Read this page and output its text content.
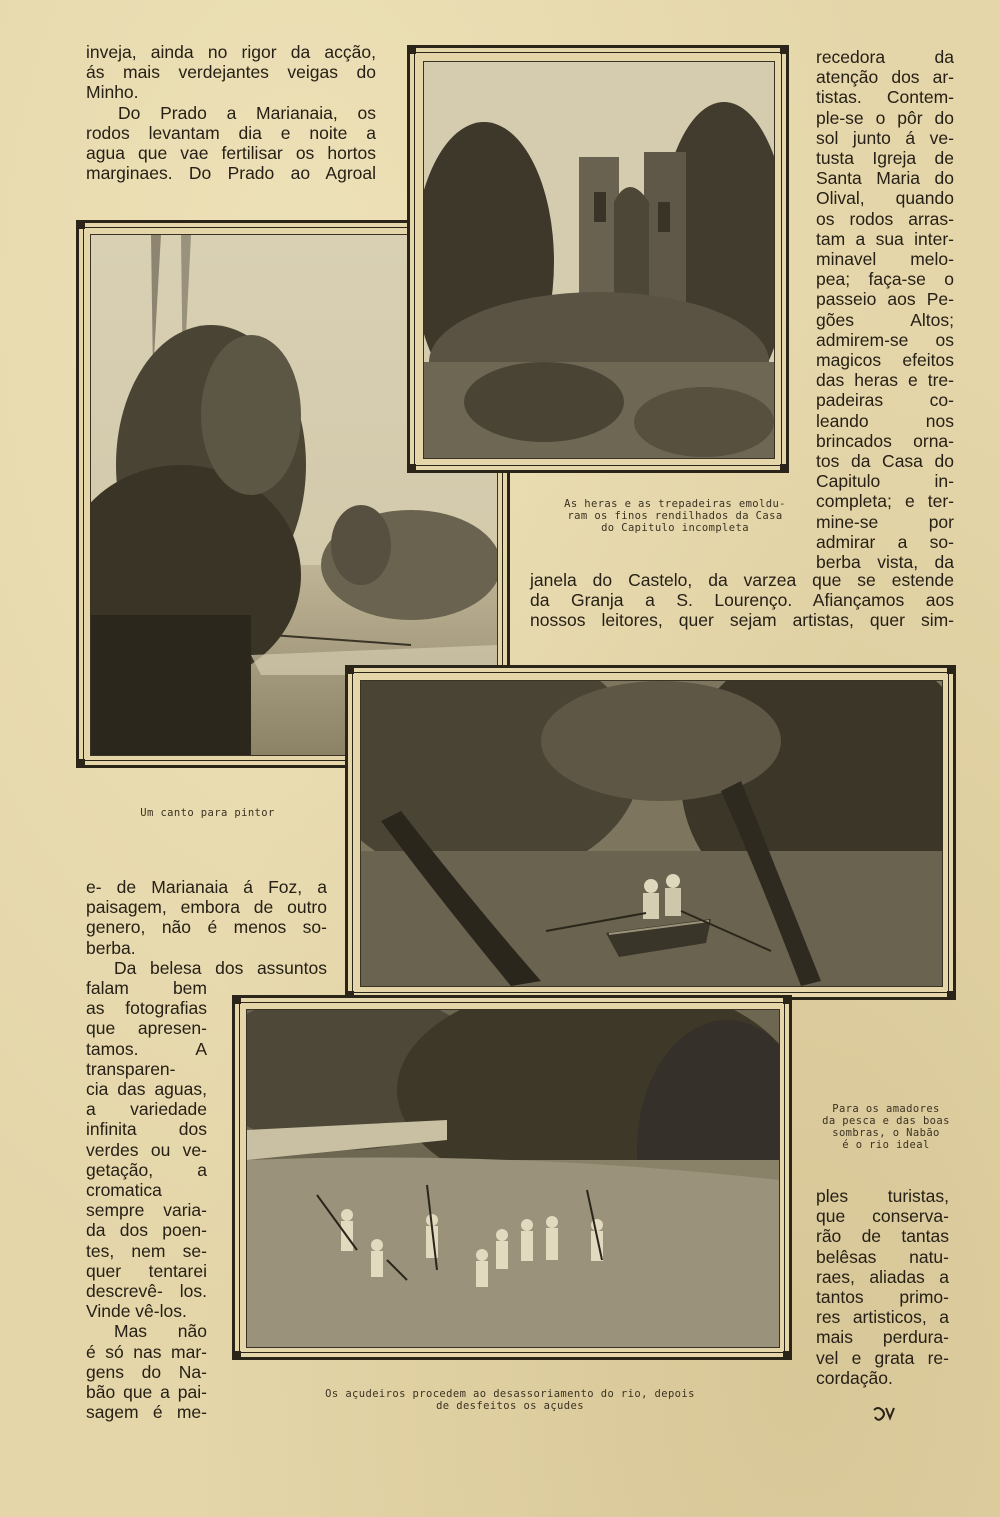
inveja, ainda no rigor da acção,
ás mais verdejantes veigas do
Minho.
Do Prado a Marianaia, os
rodos levantam dia e noite a
agua que vae fertilisar os hortos
marginaes. Do Prado ao Agroal
recedora da
atenção dos ar-
tistas. Contem-
ple-se o pôr do
sol junto á ve-
tusta Igreja de
Santa Maria do
Olival, quando
os rodos arras-
tam a sua inter-
minavel melo-
pea; faça-se o
passeio aos Pe-
gões Altos;
admirem-se os
magicos efeitos
das heras e tre-
padeiras co-
leando nos
brincados orna-
tos da Casa do
Capitulo in-
completa; e ter-
mine-se por
admirar a so-
berba vista, da
janela do Castelo, da varzea que se estende
da Granja a S. Lourenço. Afiançamos aos
nossos leitores, quer sejam artistas, quer sim-
e- de Marianaia á Foz, a
paisagem, embora de outro
genero, não é menos so-
berba.
Da belesa dos assuntos
falam bem
as fotografias
que apresen-
tamos. A
transparen-
cia das aguas,
a variedade
infinita dos
verdes ou ve-
getação, a
cromatica
sempre varia-
da dos poen-
tes, nem se-
quer tentarei
descrevê- los.
Vinde vê-los.
Mas não
é só nas mar-
gens do Na-
bão que a pai-
sagem é me-
ples turistas,
que conserva-
rão de tantas
belêsas natu-
raes, aliadas a
tantos primo-
res artisticos, a
mais perdura-
vel e grata re-
cordação.
As heras e as trepadeiras emoldu-
ram os finos rendilhados da Casa
do Capitulo incompleta
Um canto para pintor
Para os amadores
da pesca e das boas
sombras, o Nabão
é o rio ideal
Os açudeiros procedem ao desassoriamento do rio, depois
de desfeitos os açudes
